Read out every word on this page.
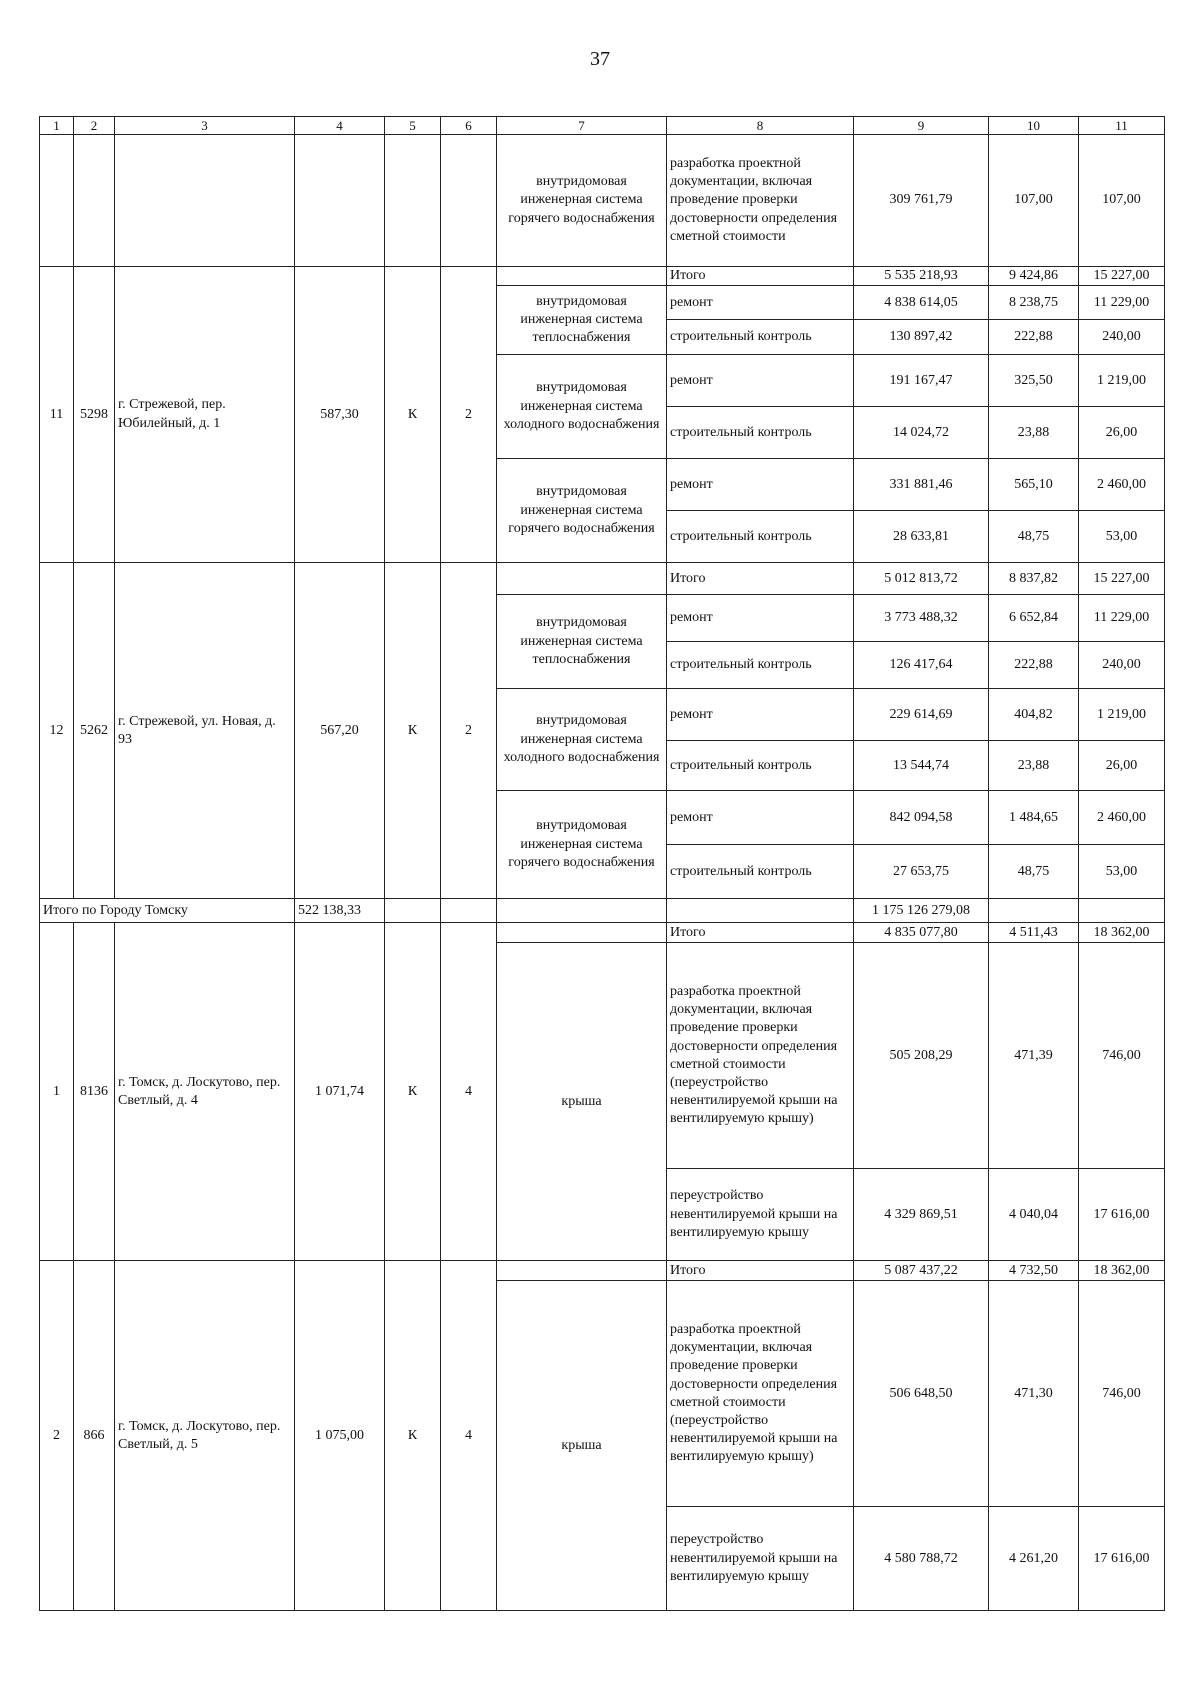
37
1	2	3	4	5	6	7	8	9	10	11
						внутридомовая инженерная система горячего водоснабжения	разработка проектной документации, включая проведение проверки достоверности определения сметной стоимости	309 761,79	107,00	107,00
11	5298	г. Стрежевой, пер. Юбилейный, д. 1	587,30	К	2		Итого	5 535 218,93	9 424,86	15 227,00
						внутридомовая инженерная система теплоснабжения	ремонт	4 838 614,05	8 238,75	11 229,00
							строительный контроль	130 897,42	222,88	240,00
						внутридомовая инженерная система холодного водоснабжения	ремонт	191 167,47	325,50	1 219,00
							строительный контроль	14 024,72	23,88	26,00
						внутридомовая инженерная система горячего водоснабжения	ремонт	331 881,46	565,10	2 460,00
							строительный контроль	28 633,81	48,75	53,00
12	5262	г. Стрежевой, ул. Новая, д. 93	567,20	К	2		Итого	5 012 813,72	8 837,82	15 227,00
						внутридомовая инженерная система теплоснабжения	ремонт	3 773 488,32	6 652,84	11 229,00
							строительный контроль	126 417,64	222,88	240,00
						внутридомовая инженерная система холодного водоснабжения	ремонт	229 614,69	404,82	1 219,00
							строительный контроль	13 544,74	23,88	26,00
						внутридомовая инженерная система горячего водоснабжения	ремонт	842 094,58	1 484,65	2 460,00
							строительный контроль	27 653,75	48,75	53,00
Итого по Городу Томску			522 138,33					1 175 126 279,08		
1	8136	г. Томск, д. Лоскутово, пер. Светлый, д. 4	1 071,74	К	4		Итого	4 835 077,80	4 511,43	18 362,00
						крыша	разработка проектной документации, включая проведение проверки достоверности определения сметной стоимости (переустройство невентилируемой крыши на вентилируемую крышу)	505 208,29	471,39	746,00
							переустройство невентилируемой крыши на вентилируемую крышу	4 329 869,51	4 040,04	17 616,00
2	866	г. Томск, д. Лоскутово, пер. Светлый, д. 5	1 075,00	К	4		Итого	5 087 437,22	4 732,50	18 362,00
						крыша	разработка проектной документации, включая проведение проверки достоверности определения сметной стоимости (переустройство невентилируемой крыши на вентилируемую крышу)	506 648,50	471,30	746,00
							переустройство невентилируемой крыши на вентилируемую крышу	4 580 788,72	4 261,20	17 616,00
